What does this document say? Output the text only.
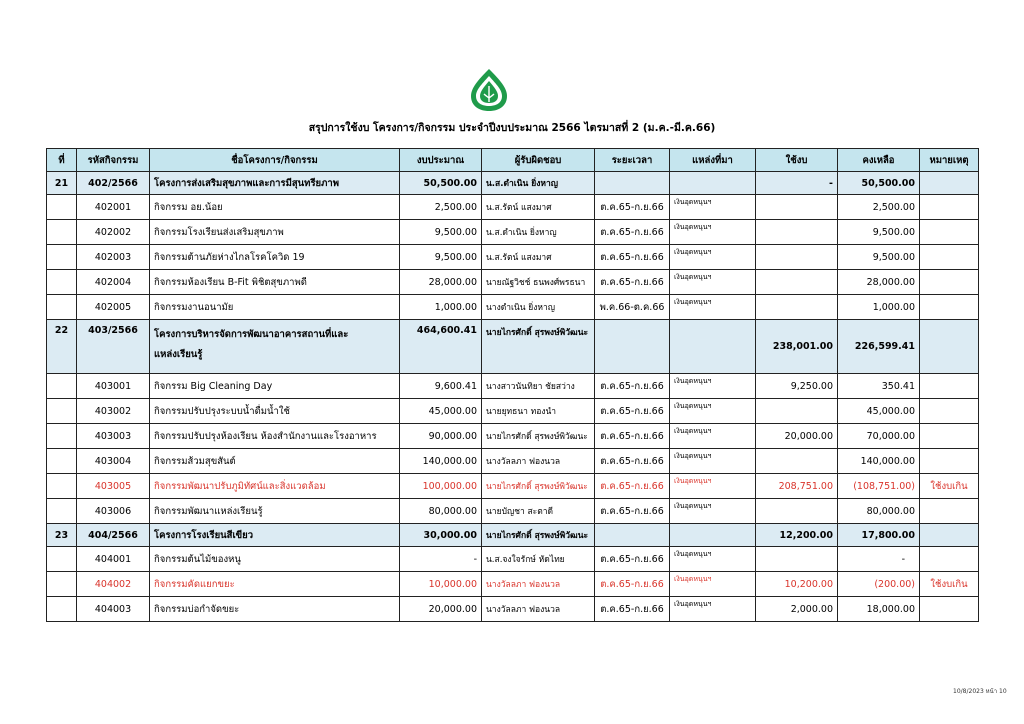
สรุปการใช้งบ โครงการ/กิจกรรม ประจำปีงบประมาณ 2566 ไตรมาสที่ 2 (ม.ค.-มี.ค.66)
ที่	รหัสกิจกรรม	ชื่อโครงการ/กิจกรรม	งบประมาณ	ผู้รับผิดชอบ	ระยะเวลา	แหล่งที่มา	ใช้งบ	คงเหลือ	หมายเหตุ
21	402/2566	โครงการส่งเสริมสุขภาพและการมีสุนทรียภาพ	50,500.00	น.ส.ดำเนิน ยิ่งหาญ			-	50,500.00	
	402001	กิจกรรม อย.น้อย	2,500.00	น.ส.รัตน์ แสงมาศ	ต.ค.65-ก.ย.66	เงินอุดหนุนฯ		2,500.00	
	402002	กิจกรรมโรงเรียนส่งเสริมสุขภาพ	9,500.00	น.ส.ดำเนิน ยิ่งหาญ	ต.ค.65-ก.ย.66	เงินอุดหนุนฯ		9,500.00	
	402003	กิจกรรมต้านภัยห่างไกลโรคโควิด 19	9,500.00	น.ส.รัตน์ แสงมาศ	ต.ค.65-ก.ย.66	เงินอุดหนุนฯ		9,500.00	
	402004	กิจกรรมห้องเรียน B-Fit พิชิตสุขภาพดี	28,000.00	นายณัฐวิชช์ ธนพงศ์พรธนา	ต.ค.65-ก.ย.66	เงินอุดหนุนฯ		28,000.00	
	402005	กิจกรรมงานอนามัย	1,000.00	นางดำเนิน ยิ่งหาญ	พ.ค.66-ต.ค.66	เงินอุดหนุนฯ		1,000.00	
22	403/2566	โครงการบริหารจัดการพัฒนาอาคารสถานที่และ
แหล่งเรียนรู้	464,600.41	นายไกรศักดิ์ สุรพงษ์พิวัฒนะ			238,001.00	226,599.41	
	403001	กิจกรรม Big Cleaning Day	9,600.41	นางสาวนันทิยา ชัยสว่าง	ต.ค.65-ก.ย.66	เงินอุดหนุนฯ	9,250.00	350.41	
	403002	กิจกรรมปรับปรุงระบบน้ำดื่มน้ำใช้	45,000.00	นายยุทธนา ทองนำ	ต.ค.65-ก.ย.66	เงินอุดหนุนฯ		45,000.00	
	403003	กิจกรรมปรับปรุงห้องเรียน ห้องสำนักงานและโรงอาหาร	90,000.00	นายไกรศักดิ์ สุรพงษ์พิวัฒนะ	ต.ค.65-ก.ย.66	เงินอุดหนุนฯ	20,000.00	70,000.00	
	403004	กิจกรรมส้วมสุขสันต์	140,000.00	นางวัลลภา ฟองนวล	ต.ค.65-ก.ย.66	เงินอุดหนุนฯ		140,000.00	
	403005	กิจกรรมพัฒนาปรับภูมิทัศน์และสิ่งแวดล้อม	100,000.00	นายไกรศักดิ์ สุรพงษ์พิวัฒนะ	ต.ค.65-ก.ย.66	เงินอุดหนุนฯ	208,751.00	(108,751.00)	ใช้งบเกิน
	403006	กิจกรรมพัฒนาแหล่งเรียนรู้	80,000.00	นายบัญชา สะตาดี	ต.ค.65-ก.ย.66	เงินอุดหนุนฯ		80,000.00	
23	404/2566	โครงการโรงเรียนสีเขียว	30,000.00	นายไกรศักดิ์ สุรพงษ์พิวัฒนะ			12,200.00	17,800.00	
	404001	กิจกรรมต้นไม้ของหนู	-	น.ส.จงใจรักษ์ หัดไทย	ต.ค.65-ก.ย.66	เงินอุดหนุนฯ		-	
	404002	กิจกรรมคัดแยกขยะ	10,000.00	นางวัลลภา ฟองนวล	ต.ค.65-ก.ย.66	เงินอุดหนุนฯ	10,200.00	(200.00)	ใช้งบเกิน
	404003	กิจกรรมบ่อกำจัดขยะ	20,000.00	นางวัลลภา ฟองนวล	ต.ค.65-ก.ย.66	เงินอุดหนุนฯ	2,000.00	18,000.00	
10/8/2023 หน้า 10
